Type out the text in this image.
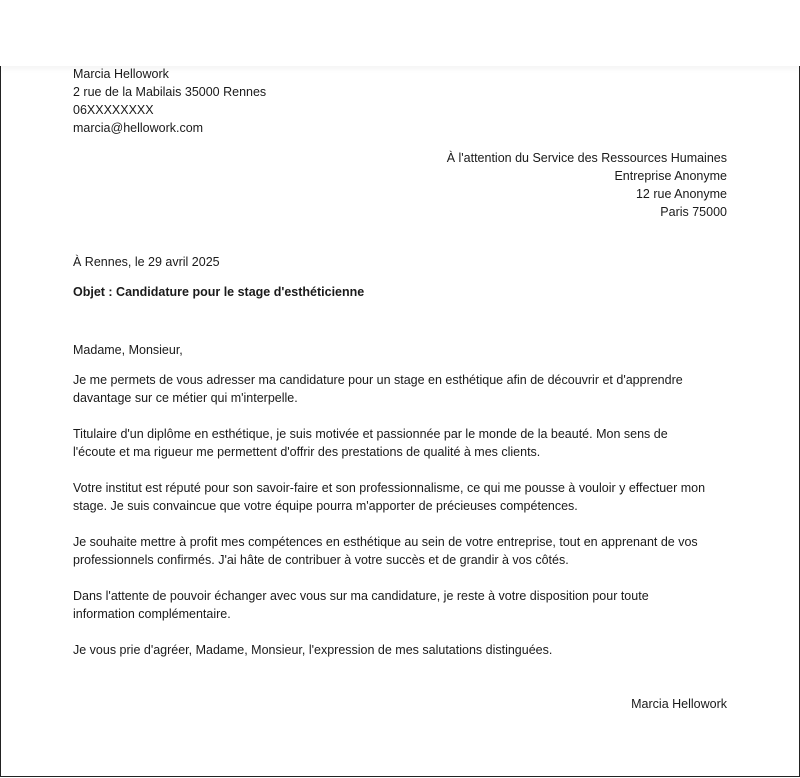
Marcia Hellowork

2 rue de la Mabilais 35000 Rennes

06XXXXXXXX

marcia@hellowork.com

À l'attention du Service des Ressources Humaines

Entreprise Anonyme

12 rue Anonyme

Paris 75000

À Rennes, le 29 avril 2025

Objet : Candidature pour le stage d'esthéticienne

Madame, Monsieur,

Je me permets de vous adresser ma candidature pour un stage en esthétique afin de découvrir et d'apprendre
davantage sur ce métier qui m'interpelle.
Titulaire d'un diplôme en esthétique, je suis motivée et passionnée par le monde de la beauté. Mon sens de
l'écoute et ma rigueur me permettent d'offrir des prestations de qualité à mes clients.
Votre institut est réputé pour son savoir-faire et son professionnalisme, ce qui me pousse à vouloir y effectuer mon
stage. Je suis convaincue que votre équipe pourra m'apporter de précieuses compétences.
Je souhaite mettre à profit mes compétences en esthétique au sein de votre entreprise, tout en apprenant de vos
professionnels confirmés. J'ai hâte de contribuer à votre succès et de grandir à vos côtés.
Dans l'attente de pouvoir échanger avec vous sur ma candidature, je reste à votre disposition pour toute
information complémentaire.

Je vous prie d'agréer, Madame, Monsieur, l'expression de mes salutations distinguées.

Marcia Hellowork
